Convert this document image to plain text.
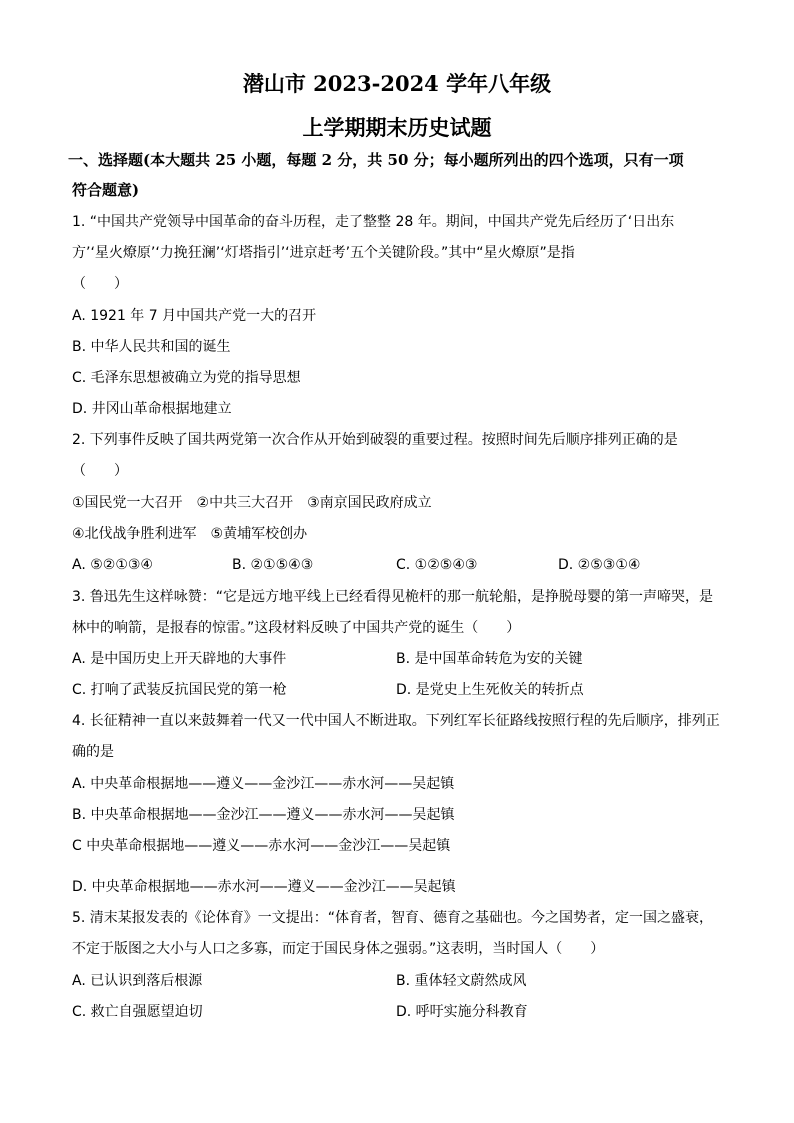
潜山市 2023-2024 学年八年级
上学期期末历史试题
一、选择题(本大题共 25 小题，每题 2 分，共 50 分；每小题所列出的四个选项，只有一项
符合题意)
1. “中国共产党领导中国革命的奋斗历程，走了整整 28 年。期间，中国共产党先后经历了‘日出东
方’‘星火燎原’‘力挽狂澜’‘灯塔指引’‘进京赶考’五个关键阶段。”其中“星火燎原”是指
（　　）
A. 1921 年 7 月中国共产党一大的召开
B. 中华人民共和国的诞生
C. 毛泽东思想被确立为党的指导思想
D. 井冈山革命根据地建立
2. 下列事件反映了国共两党第一次合作从开始到破裂的重要过程。按照时间先后顺序排列正确的是
（　　）
①国民党一大召开　②中共三大召开　③南京国民政府成立
④北伐战争胜利进军　⑤黄埔军校创办
A. ⑤②①③④	B. ②①⑤④③	C. ①②⑤④③	D. ②⑤③①④
3. 鲁迅先生这样咏赞：“它是远方地平线上已经看得见桅杆的那一航轮船，是挣脱母婴的第一声啼哭，是
林中的响箭，是报春的惊雷。”这段材料反映了中国共产党的诞生（　　）
A. 是中国历史上开天辟地的大事件	B. 是中国革命转危为安的关键
C. 打响了武装反抗国民党的第一枪	D. 是党史上生死攸关的转折点
4. 长征精神一直以来鼓舞着一代又一代中国人不断进取。下列红军长征路线按照行程的先后顺序，排列正
确的是
A. 中央革命根据地——遵义——金沙江——赤水河——吴起镇
B. 中央革命根据地——金沙江——遵义——赤水河——吴起镇
C 中央革命根据地——遵义——赤水河——金沙江——吴起镇
D. 中央革命根据地——赤水河——遵义——金沙江——吴起镇
5. 清末某报发表的《论体育》一文提出：“体育者，智育、德育之基础也。今之国势者，定一国之盛衰，
不定于版图之大小与人口之多寡，而定于国民身体之强弱。”这表明，当时国人（　　）
A. 已认识到落后根源	B. 重体轻文蔚然成风
C. 救亡自强愿望迫切	D. 呼吁实施分科教育
